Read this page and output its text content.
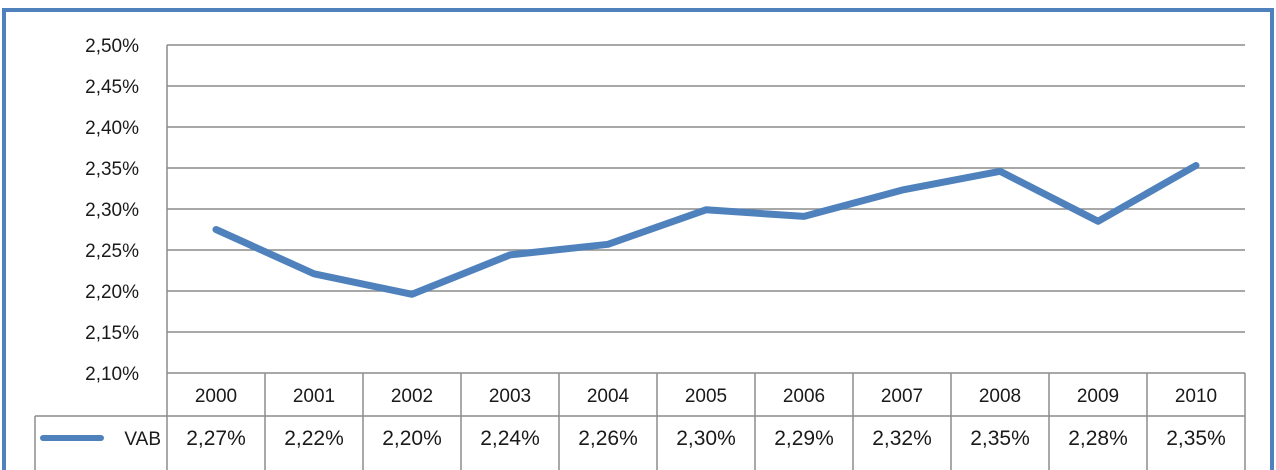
2,10%
2,15%
2,20%
2,25%
2,30%
2,35%
2,40%
2,45%
2,50%
2000	2001	2002	2003	2004	2005	2006	2007	2008	2009	2010
VAB 2,27% 2,22% 2,20% 2,24% 2,26% 2,30% 2,29% 2,32% 2,35% 2,28% 2,35%
